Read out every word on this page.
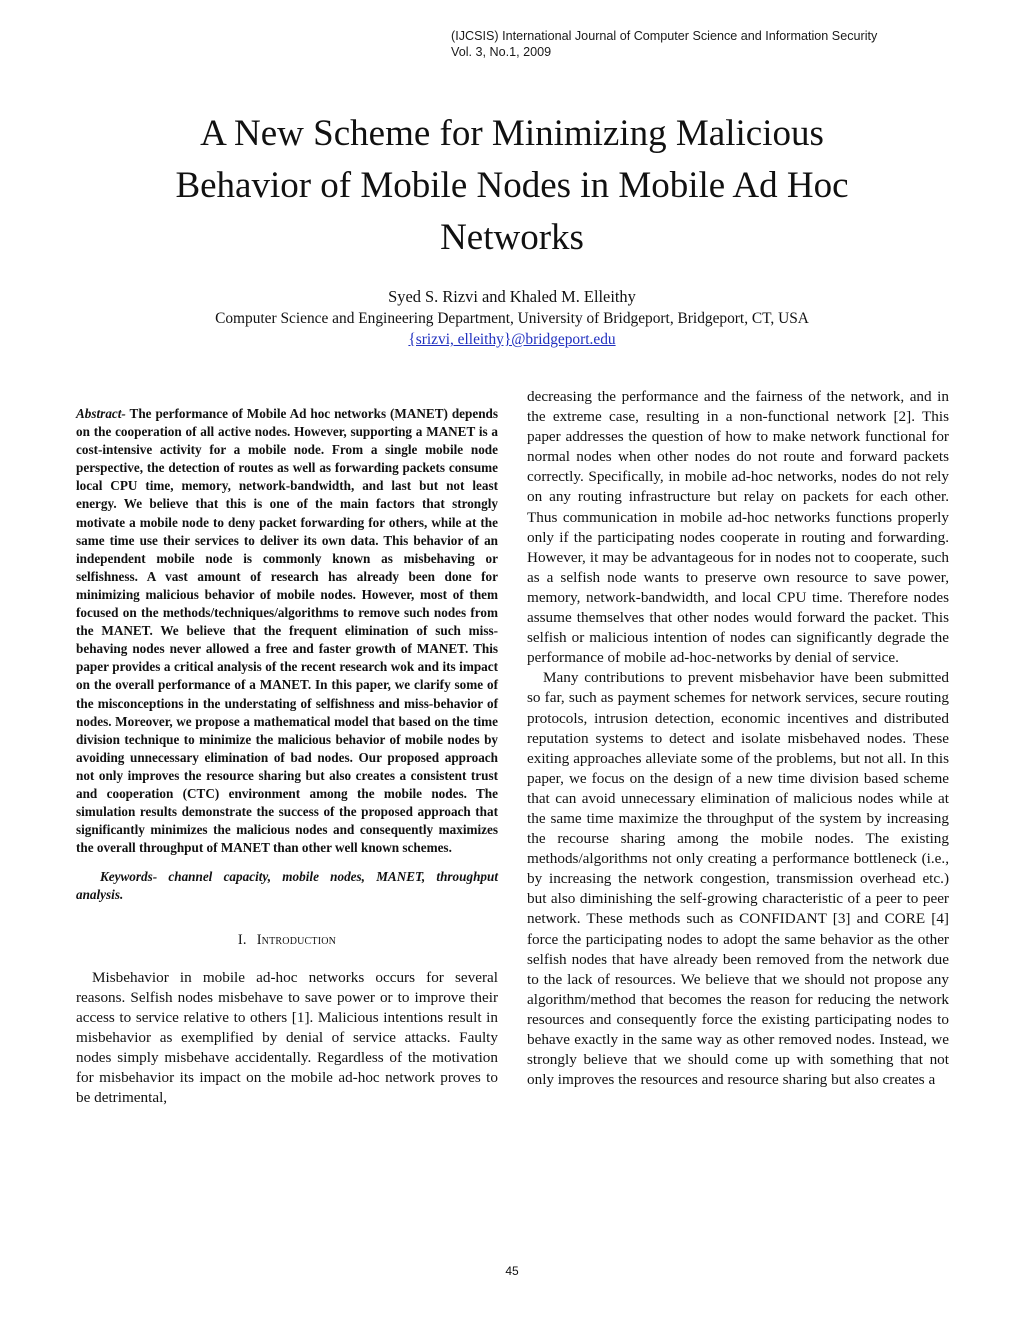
(IJCSIS) International Journal of Computer Science and Information Security
Vol. 3, No.1, 2009
A New Scheme for Minimizing Malicious
Behavior of Mobile Nodes in Mobile Ad Hoc
Networks
Syed S. Rizvi and Khaled M. Elleithy
Computer Science and Engineering Department, University of Bridgeport, Bridgeport, CT, USA
{srizvi, elleithy}@bridgeport.edu

Abstract- The performance of Mobile Ad hoc networks (MANET) depends on the cooperation of all active nodes. However, supporting a MANET is a cost-intensive activity for a mobile node. From a single mobile node perspective, the detection of routes as well as forwarding packets consume local CPU time, memory, network-bandwidth, and last but not least energy. We believe that this is one of the main factors that strongly motivate a mobile node to deny packet forwarding for others, while at the same time use their services to deliver its own data. This behavior of an independent mobile node is commonly known as misbehaving or selfishness. A vast amount of research has already been done for minimizing malicious behavior of mobile nodes. However, most of them focused on the methods/techniques/algorithms to remove such nodes from the MANET. We believe that the frequent elimination of such miss-behaving nodes never allowed a free and faster growth of MANET. This paper provides a critical analysis of the recent research wok and its impact on the overall performance of a MANET. In this paper, we clarify some of the misconceptions in the understating of selfishness and miss-behavior of nodes. Moreover, we propose a mathematical model that based on the time division technique to minimize the malicious behavior of mobile nodes by avoiding unnecessary elimination of bad nodes. Our proposed approach not only improves the resource sharing but also creates a consistent trust and cooperation (CTC) environment among the mobile nodes. The simulation results demonstrate the success of the proposed approach that significantly minimizes the malicious nodes and consequently maximizes the overall throughput of MANET than other well known schemes.

Keywords- channel capacity, mobile nodes, MANET, throughput analysis.

I. Introduction

Misbehavior in mobile ad-hoc networks occurs for several reasons. Selfish nodes misbehave to save power or to improve their access to service relative to others [1]. Malicious intentions result in misbehavior as exemplified by denial of service attacks. Faulty nodes simply misbehave accidentally. Regardless of the motivation for misbehavior its impact on the mobile ad-hoc network proves to be detrimental,

decreasing the performance and the fairness of the network, and in the extreme case, resulting in a non-functional network [2]. This paper addresses the question of how to make network functional for normal nodes when other nodes do not route and forward packets correctly. Specifically, in mobile ad-hoc networks, nodes do not rely on any routing infrastructure but relay on packets for each other. Thus communication in mobile ad-hoc networks functions properly only if the participating nodes cooperate in routing and forwarding. However, it may be advantageous for in nodes not to cooperate, such as a selfish node wants to preserve own resource to save power, memory, network-bandwidth, and local CPU time. Therefore nodes assume themselves that other nodes would forward the packet. This selfish or malicious intention of nodes can significantly degrade the performance of mobile ad-hoc-networks by denial of service.

Many contributions to prevent misbehavior have been submitted so far, such as payment schemes for network services, secure routing protocols, intrusion detection, economic incentives and distributed reputation systems to detect and isolate misbehaved nodes. These exiting approaches alleviate some of the problems, but not all. In this paper, we focus on the design of a new time division based scheme that can avoid unnecessary elimination of malicious nodes while at the same time maximize the throughput of the system by increasing the recourse sharing among the mobile nodes. The existing methods/algorithms not only creating a performance bottleneck (i.e., by increasing the network congestion, transmission overhead etc.) but also diminishing the self-growing characteristic of a peer to peer network. These methods such as CONFIDANT [3] and CORE [4] force the participating nodes to adopt the same behavior as the other selfish nodes that have already been removed from the network due to the lack of resources. We believe that we should not propose any algorithm/method that becomes the reason for reducing the network resources and consequently force the existing participating nodes to behave exactly in the same way as other removed nodes. Instead, we strongly believe that we should come up with something that not only improves the resources and resource sharing but also creates a

45
